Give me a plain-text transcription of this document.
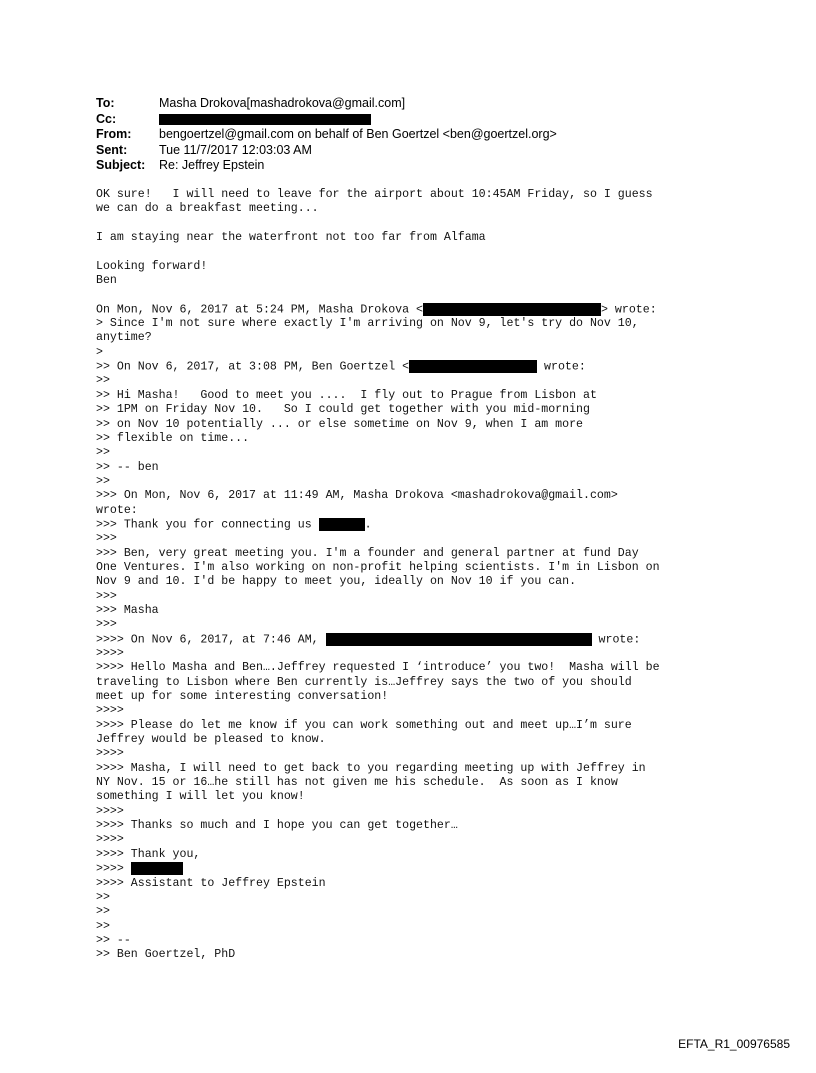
To:	Masha Drokova[mashadrokova@gmail.com]
Cc:
From: bengoertzel@gmail.com on behalf of Ben Goertzel <ben@goertzel.org>
Sent:	Tue 11/7/2017 12:03:03 AM
Subject: Re: Jeffrey Epstein
OK sure!   I will need to leave for the airport about 10:45AM Friday, so I guess
we can do a breakfast meeting...
I am staying near the waterfront not too far from Alfama
Looking forward!
Ben
On Mon, Nov 6, 2017 at 5:24 PM, Masha Drokova <	> wrote:
> Since I'm not sure where exactly I'm arriving on Nov 9, let's try do Nov 10,
anytime?
>
>> On Nov 6, 2017, at 3:08 PM, Ben Goertzel <	wrote:
>>
>> Hi Masha!   Good to meet you ....  I fly out to Prague from Lisbon at
>> 1PM on Friday Nov 10.   So I could get together with you mid-morning
>> on Nov 10 potentially ... or else sometime on Nov 9, when I am more
>> flexible on time...
>>
>> -- ben
>>
>>> On Mon, Nov 6, 2017 at 11:49 AM, Masha Drokova <mashadrokova@gmail.com>
wrote:
>>> Thank you for connecting us	.
>>>
>>> Ben, very great meeting you. I'm a founder and general partner at fund Day
One Ventures. I'm also working on non-profit helping scientists. I'm in Lisbon on
Nov 9 and 10. I'd be happy to meet you, ideally on Nov 10 if you can.
>>>
>>> Masha
>>>
>>>> On Nov 6, 2017, at 7:46 AM,	wrote:
>>>>
>>>> Hello Masha and Ben….Jeffrey requested I ‘introduce’ you two!  Masha will be
traveling to Lisbon where Ben currently is…Jeffrey says the two of you should
meet up for some interesting conversation!
>>>>
>>>> Please do let me know if you can work something out and meet up…I’m sure
Jeffrey would be pleased to know.
>>>>
>>>> Masha, I will need to get back to you regarding meeting up with Jeffrey in
NY Nov. 15 or 16…he still has not given me his schedule.  As soon as I know
something I will let you know!
>>>>
>>>> Thanks so much and I hope you can get together…
>>>>
>>>> Thank you,
>>>>
>>>> Assistant to Jeffrey Epstein
>>
>>
>>
>> --
>> Ben Goertzel, PhD
EFTA_R1_00976585
